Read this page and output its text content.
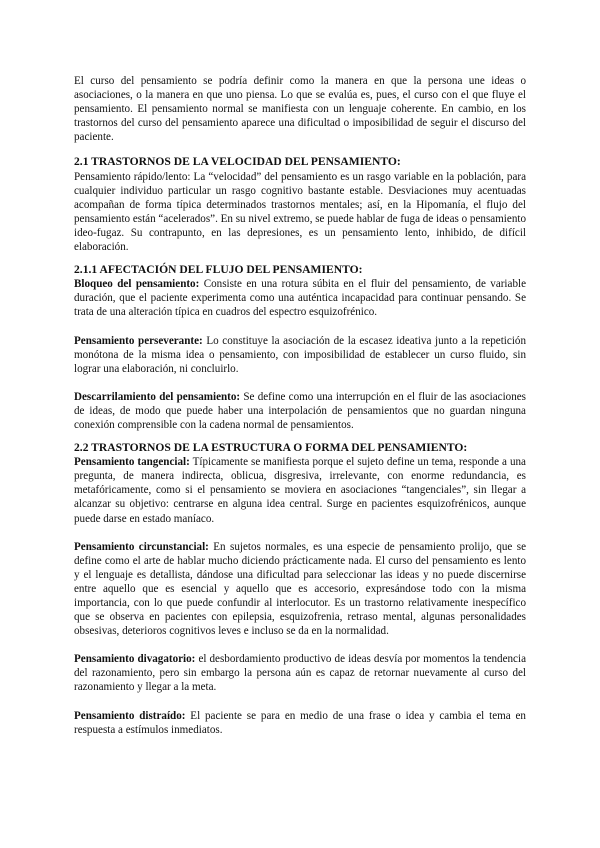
El curso del pensamiento se podría definir como la manera en que la persona une ideas o asociaciones, o la manera en que uno piensa. Lo que se evalúa es, pues, el curso con el que fluye el pensamiento. El pensamiento normal se manifiesta con un lenguaje coherente. En cambio, en los trastornos del curso del pensamiento aparece una dificultad o imposibilidad de seguir el discurso del paciente.

2.1 TRASTORNOS DE LA VELOCIDAD DEL PENSAMIENTO:

Pensamiento rápido/lento: La “velocidad” del pensamiento es un rasgo variable en la población, para cualquier individuo particular un rasgo cognitivo bastante estable. Desviaciones muy acentuadas acompañan de forma típica determinados trastornos mentales; así, en la Hipomanía, el flujo del pensamiento están “acelerados”. En su nivel extremo, se puede hablar de fuga de ideas o pensamiento ideo-fugaz. Su contrapunto, en las depresiones, es un pensamiento lento, inhibido, de difícil elaboración.

2.1.1 AFECTACIÓN DEL FLUJO DEL PENSAMIENTO:

Bloqueo del pensamiento: Consiste en una rotura súbita en el fluir del pensamiento, de variable duración, que el paciente experimenta como una auténtica incapacidad para continuar pensando. Se trata de una alteración típica en cuadros del espectro esquizofrénico.

Pensamiento perseverante: Lo constituye la asociación de la escasez ideativa junto a la repetición monótona de la misma idea o pensamiento, con imposibilidad de establecer un curso fluido, sin lograr una elaboración, ni concluirlo.

Descarrilamiento del pensamiento: Se define como una interrupción en el fluir de las asociaciones de ideas, de modo que puede haber una interpolación de pensamientos que no guardan ninguna conexión comprensible con la cadena normal de pensamientos.

2.2 TRASTORNOS DE LA ESTRUCTURA O FORMA DEL PENSAMIENTO:

Pensamiento tangencial: Típicamente se manifiesta porque el sujeto define un tema, responde a una pregunta, de manera indirecta, oblicua, disgresiva, irrelevante, con enorme redundancia, es metafóricamente, como si el pensamiento se moviera en asociaciones “tangenciales”, sin llegar a alcanzar su objetivo: centrarse en alguna idea central. Surge en pacientes esquizofrénicos, aunque puede darse en estado maníaco.

Pensamiento circunstancial: En sujetos normales, es una especie de pensamiento prolijo, que se define como el arte de hablar mucho diciendo prácticamente nada. El curso del pensamiento es lento y el lenguaje es detallista, dándose una dificultad para seleccionar las ideas y no puede discernirse entre aquello que es esencial y aquello que es accesorio, expresándose todo con la misma importancia, con lo que puede confundir al interlocutor. Es un trastorno relativamente inespecífico que se observa en pacientes con epilepsia, esquizofrenia, retraso mental, algunas personalidades obsesivas, deterioros cognitivos leves e incluso se da en la normalidad.

Pensamiento divagatorio: el desbordamiento productivo de ideas desvía por momentos la tendencia del razonamiento, pero sin embargo la persona aún es capaz de retornar nuevamente al curso del razonamiento y llegar a la meta.

Pensamiento distraído: El paciente se para en medio de una frase o idea y cambia el tema en respuesta a estímulos inmediatos.
